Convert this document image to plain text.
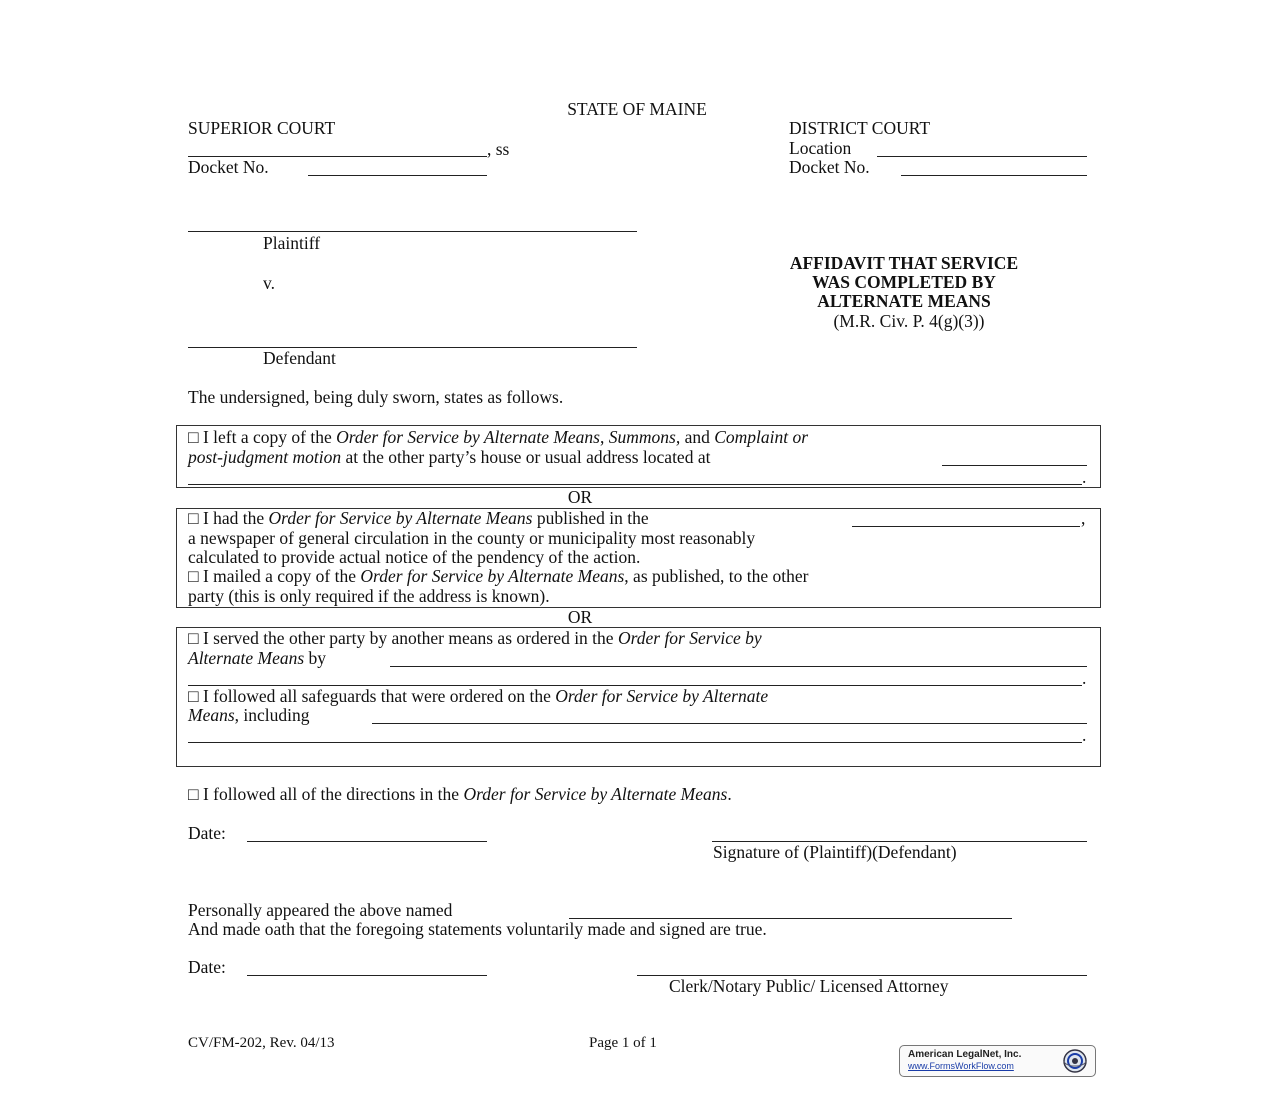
STATE OF MAINE
SUPERIOR COURT
, ss
Docket No.
DISTRICT COURT
Location
Docket No.
Plaintiff
v.
Defendant
AFFIDAVIT THAT SERVICE
WAS COMPLETED BY
ALTERNATE MEANS
(M.R. Civ. P. 4(g)(3))
The undersigned, being duly sworn, states as follows.
□ I left a copy of the Order for Service by Alternate Means, Summons, and Complaint or
post-judgment motion at the other party’s house or usual address located at
.
OR
□ I had the Order for Service by Alternate Means published in the	,
a newspaper of general circulation in the county or municipality most reasonably
calculated to provide actual notice of the pendency of the action.
□ I mailed a copy of the Order for Service by Alternate Means, as published, to the other
party (this is only required if the address is known).
OR
□ I served the other party by another means as ordered in the Order for Service by
Alternate Means by
.
□ I followed all safeguards that were ordered on the Order for Service by Alternate
Means, including
.
□ I followed all of the directions in the Order for Service by Alternate Means.
Date:
Signature of (Plaintiff)(Defendant)
Personally appeared the above named
And made oath that the foregoing statements voluntarily made and signed are true.
Date:
Clerk/Notary Public/ Licensed Attorney
CV/FM-202, Rev. 04/13	Page 1 of 1
American LegalNet, Inc.
www.FormsWorkFlow.com
